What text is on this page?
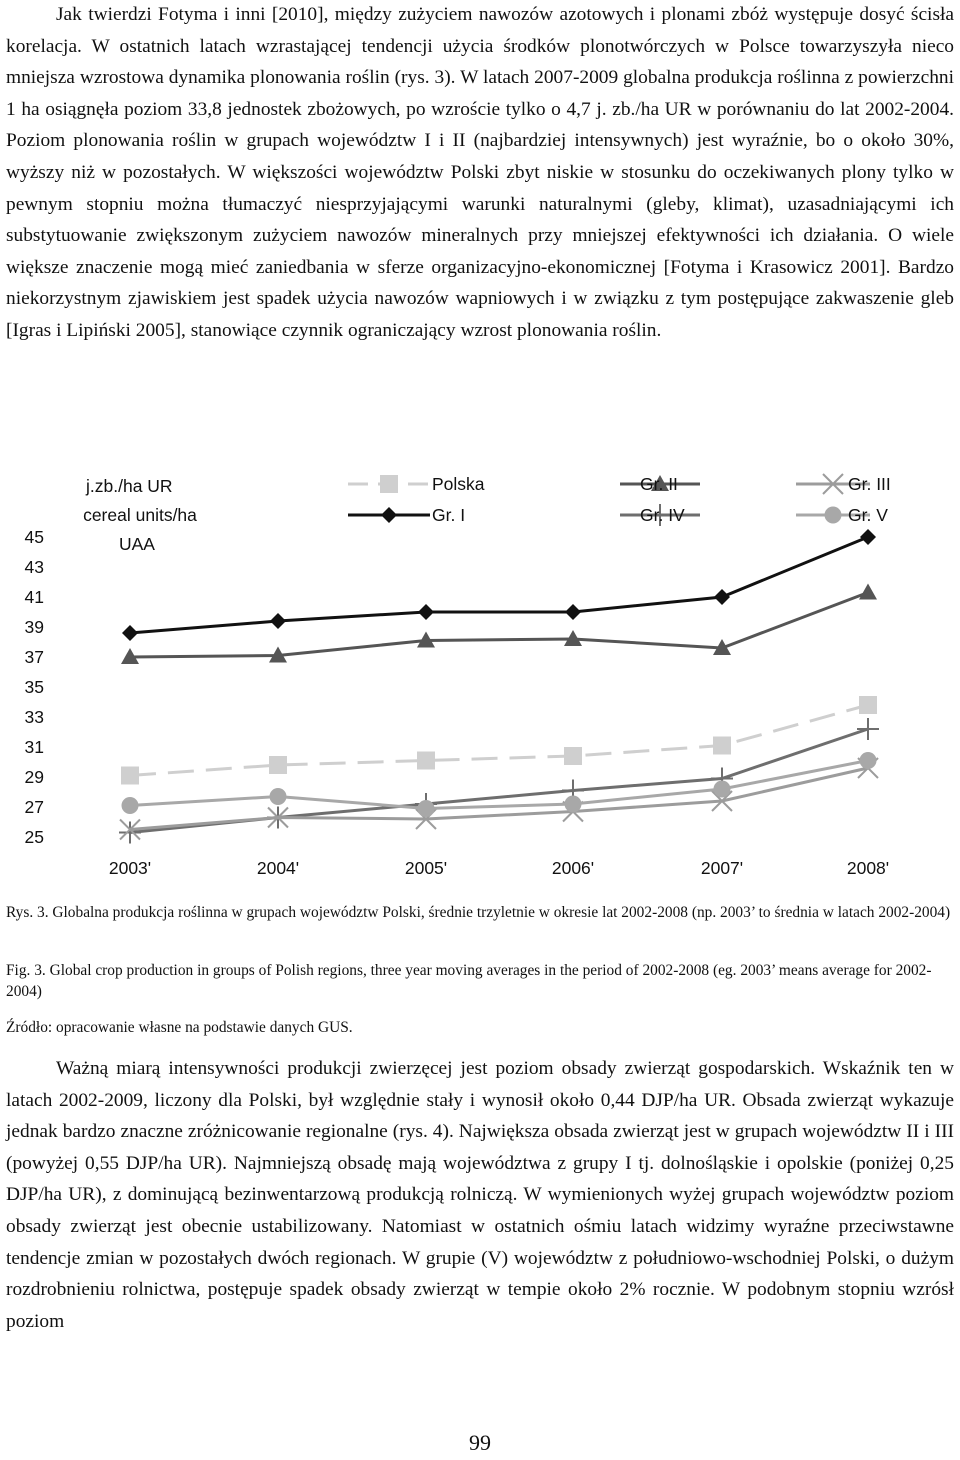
Jak twierdzi Fotyma i inni [2010], między zużyciem nawozów azotowych i plonami zbóż występuje dosyć ścisła korelacja. W ostatnich latach wzrastającej tendencji użycia środków plonotwórczych w Polsce towarzyszyła nieco mniejsza wzrostowa dynamika plonowania roślin (rys. 3). W latach 2007-2009 globalna produkcja roślinna z powierzchni 1 ha osiągnęła poziom 33,8 jednostek zbożowych, po wzroście tylko o 4,7 j. zb./ha UR w porównaniu do lat 2002-2004. Poziom plonowania roślin w grupach województw I i II (najbardziej intensywnych) jest wyraźnie, bo o około 30%, wyższy niż w pozostałych. W większości województw Polski zbyt niskie w stosunku do oczekiwanych plony tylko w pewnym stopniu można tłumaczyć niesprzyjającymi warunki naturalnymi (gleby, klimat), uzasadniającymi ich substytuowanie zwiększonym zużyciem nawozów mineralnych przy mniejszej efektywności ich działania. O wiele większe znaczenie mogą mieć zaniedbania w sferze organizacyjno-ekonomicznej [Fotyma i Krasowicz 2001]. Bardzo niekorzystnym zjawiskiem jest spadek użycia nawozów wapniowych i w związku z tym postępujące zakwaszenie gleb [Igras i Lipiński 2005], stanowiące czynnik ograniczający wzrost plonowania roślin.

j.zb./ha UR
cereal units/ha
UAA
Polska
Gr. I
Gr. II
Gr. IV
Gr. III
Gr. V
45
43
41
39
37
35
33
31
29
27
25
2003'	2004'	2005'	2006'	2007'	2008'

Rys. 3. Globalna produkcja roślinna w grupach województw Polski, średnie trzyletnie w okresie lat 2002-2008 (np. 2003’ to średnia w latach 2002-2004)

Fig. 3. Global crop production in groups of Polish regions, three year moving averages in the period of 2002-2008 (eg. 2003’ means average for 2002-2004)

Źródło: opracowanie własne na podstawie danych GUS.

Ważną miarą intensywności produkcji zwierzęcej jest poziom obsady zwierząt gospodarskich. Wskaźnik ten w latach 2002-2009, liczony dla Polski, był względnie stały i wynosił około 0,44 DJP/ha UR. Obsada zwierząt wykazuje jednak bardzo znaczne zróżnicowanie regionalne (rys. 4). Największa obsada zwierząt jest w grupach województw II i III (powyżej 0,55 DJP/ha UR). Najmniejszą obsadę mają województwa z grupy I tj. dolnośląskie i opolskie (poniżej 0,25 DJP/ha UR), z dominującą bezinwentarzową produkcją rolniczą. W wymienionych wyżej grupach województw poziom obsady zwierząt jest obecnie ustabilizowany. Natomiast w ostatnich ośmiu latach widzimy wyraźne przeciwstawne tendencje zmian w pozostałych dwóch regionach. W grupie (V) województw z południowo-wschodniej Polski, o dużym rozdrobnieniu rolnictwa, postępuje spadek obsady zwierząt w tempie około 2% rocznie. W podobnym stopniu wzrósł poziom

99
